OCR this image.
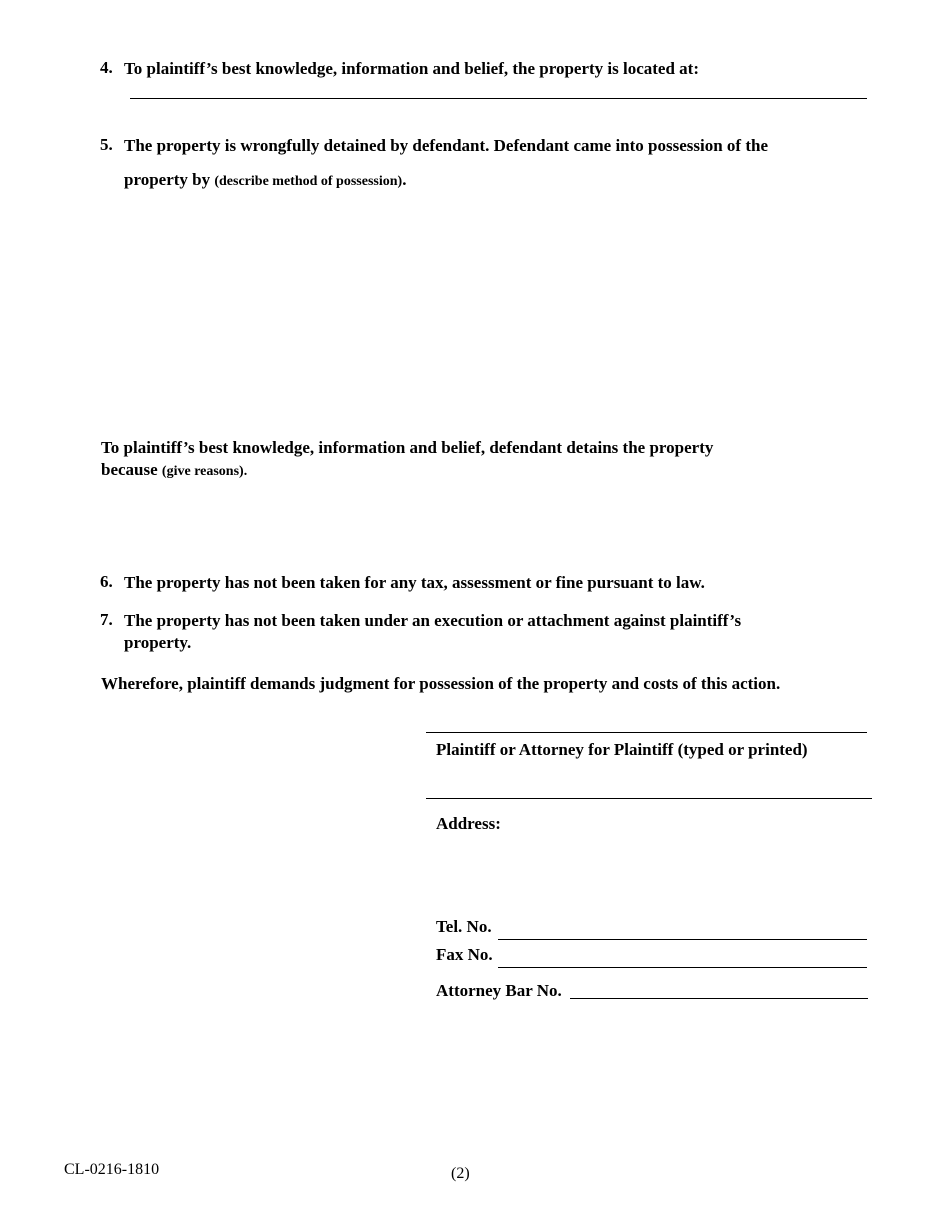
4. To plaintiff’s best knowledge, information and belief, the property is located at:
5. The property is wrongfully detained by defendant. Defendant came into possession of the
property by (describe method of possession).
To plaintiff’s best knowledge, information and belief, defendant detains the property
because (give reasons).
6. The property has not been taken for any tax, assessment or fine pursuant to law.
7. The property has not been taken under an execution or attachment against plaintiff’s
property.
Wherefore, plaintiff demands judgment for possession of the property and costs of this action.
Plaintiff or Attorney for Plaintiff (typed or printed)
Address:
Tel. No.
Fax No.
Attorney Bar No.
CL-0216-1810	(2)
